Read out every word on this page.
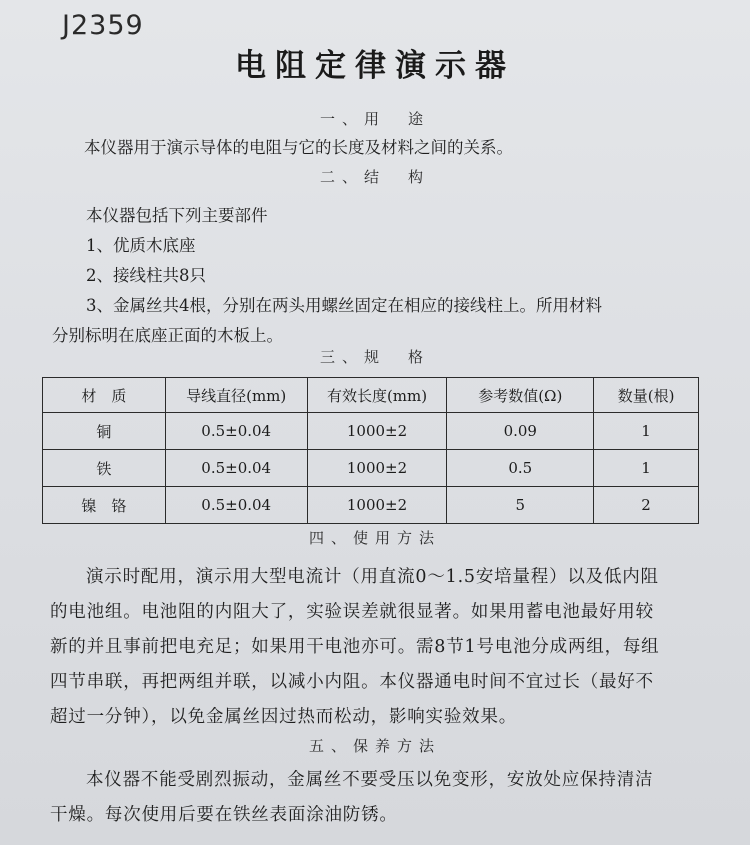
J2359
电阻定律演示器
一、用　途
本仪器用于演示导体的电阻与它的长度及材料之间的关系。
二、结　构
本仪器包括下列主要部件
1、优质木底座
2、接线柱共8只
3、金属丝共4根，分别在两头用螺丝固定在相应的接线柱上。所用材料
分别标明在底座正面的木板上。
三、规　格
材　质	导线直径(mm)	有效长度(mm)	参考数值(Ω)	数量(根)
铜	0.5±0.04	1000±2	0.09	1
铁	0.5±0.04	1000±2	0.5	1
镍　铬	0.5±0.04	1000±2	5	2
四、使用方法
演示时配用，演示用大型电流计（用直流0～1.5安培量程）以及低内阻
的电池组。电池阻的内阻大了，实验误差就很显著。如果用蓄电池最好用较
新的并且事前把电充足；如果用干电池亦可。需8节1号电池分成两组，每组
四节串联，再把两组并联，以减小内阻。本仪器通电时间不宜过长（最好不
超过一分钟），以免金属丝因过热而松动，影响实验效果。
五、保养方法
本仪器不能受剧烈振动，金属丝不要受压以免变形，安放处应保持清洁
干燥。每次使用后要在铁丝表面涂油防锈。
